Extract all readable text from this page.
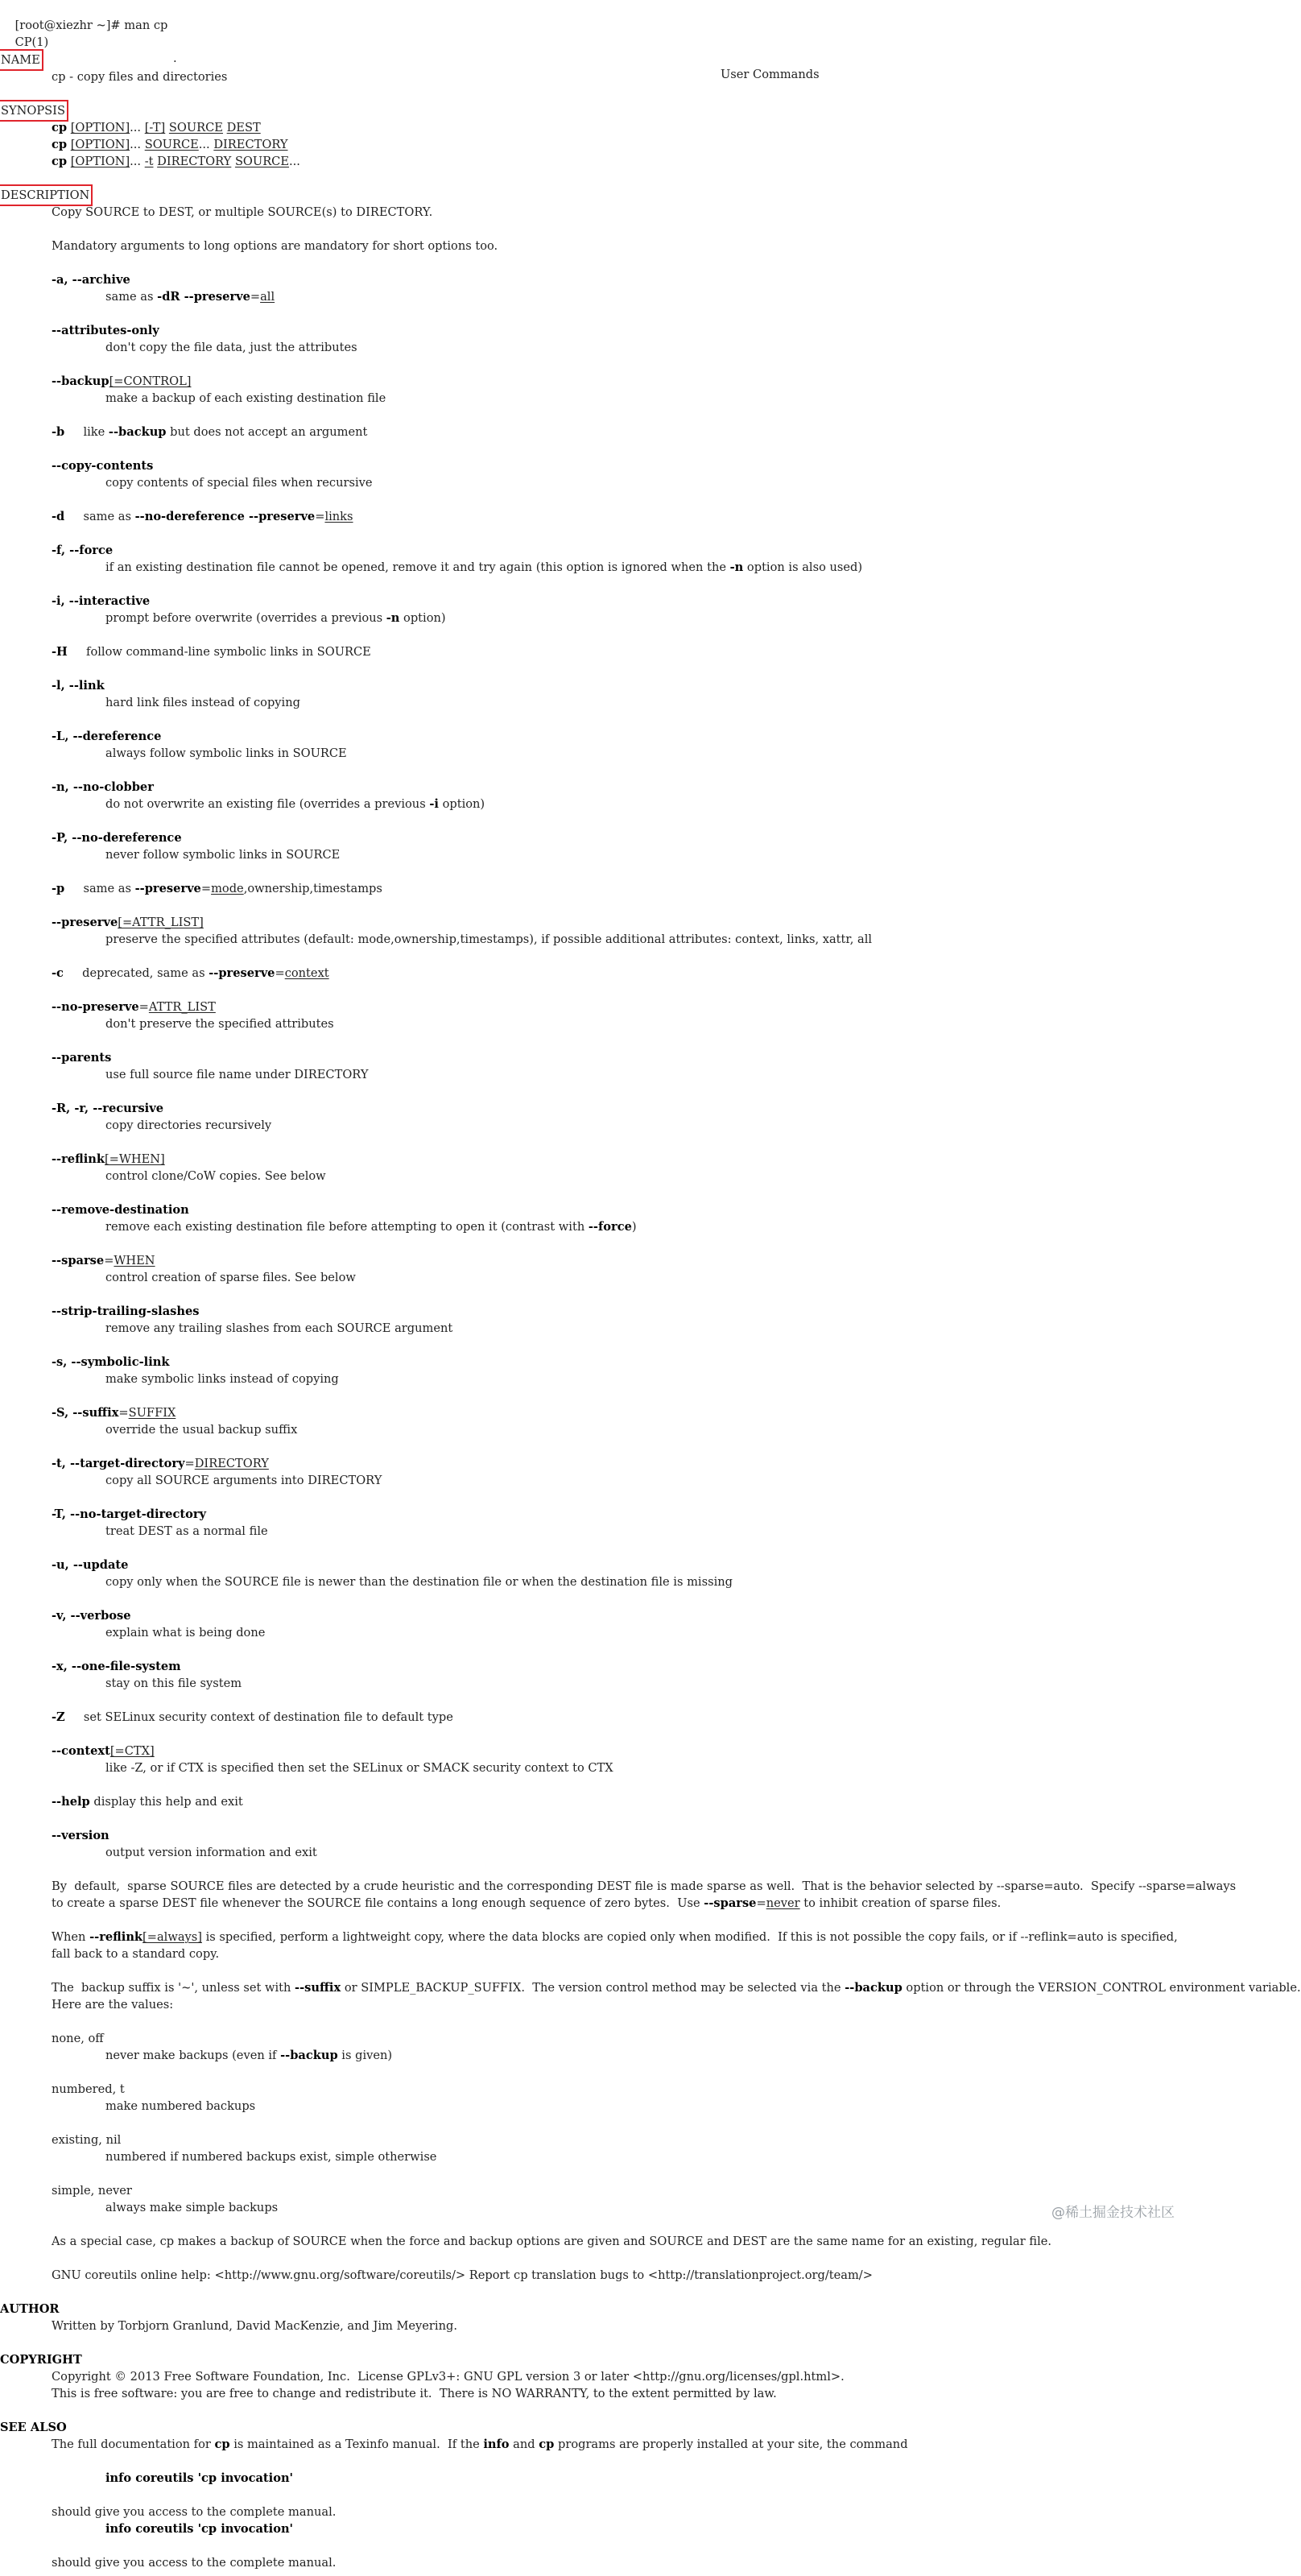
[root@xiezhr ~]# man cp

CP(1)

.

User Commands

NAME
cp - copy files and directories
SYNOPSIS
cp [OPTION]... [-T] SOURCE DEST
cp [OPTION]... SOURCE... DIRECTORY
cp [OPTION]... -t DIRECTORY SOURCE...
DESCRIPTION
Copy SOURCE to DEST, or multiple SOURCE(s) to DIRECTORY.
Mandatory arguments to long options are mandatory for short options too.
-a, --archive
same as -dR --preserve=all
--attributes-only
don't copy the file data, just the attributes
--backup[=CONTROL]
make a backup of each existing destination file
-b     like --backup but does not accept an argument
--copy-contents
copy contents of special files when recursive
-d     same as --no-dereference --preserve=links
-f, --force
if an existing destination file cannot be opened, remove it and try again (this option is ignored when the -n option is also used)
-i, --interactive
prompt before overwrite (overrides a previous -n option)
-H     follow command-line symbolic links in SOURCE
-l, --link
hard link files instead of copying
-L, --dereference
always follow symbolic links in SOURCE
-n, --no-clobber
do not overwrite an existing file (overrides a previous -i option)
-P, --no-dereference
never follow symbolic links in SOURCE
-p     same as --preserve=mode,ownership,timestamps
--preserve[=ATTR_LIST]
preserve the specified attributes (default: mode,ownership,timestamps), if possible additional attributes: context, links, xattr, all
-c     deprecated, same as --preserve=context
--no-preserve=ATTR_LIST
don't preserve the specified attributes
--parents
use full source file name under DIRECTORY
-R, -r, --recursive
copy directories recursively
--reflink[=WHEN]
control clone/CoW copies. See below
--remove-destination
remove each existing destination file before attempting to open it (contrast with --force)
--sparse=WHEN
control creation of sparse files. See below
--strip-trailing-slashes
remove any trailing slashes from each SOURCE argument
-s, --symbolic-link
make symbolic links instead of copying
-S, --suffix=SUFFIX
override the usual backup suffix
-t, --target-directory=DIRECTORY
copy all SOURCE arguments into DIRECTORY
-T, --no-target-directory
treat DEST as a normal file
-u, --update
copy only when the SOURCE file is newer than the destination file or when the destination file is missing
-v, --verbose
explain what is being done
-x, --one-file-system
stay on this file system
-Z     set SELinux security context of destination file to default type
--context[=CTX]
like -Z, or if CTX is specified then set the SELinux or SMACK security context to CTX
--help display this help and exit
--version
output version information and exit
By  default,  sparse SOURCE files are detected by a crude heuristic and the corresponding DEST file is made sparse as well.  That is the behavior selected by --sparse=auto.  Specify --sparse=always
to create a sparse DEST file whenever the SOURCE file contains a long enough sequence of zero bytes.  Use --sparse=never to inhibit creation of sparse files.
When --reflink[=always] is specified, perform a lightweight copy, where the data blocks are copied only when modified.  If this is not possible the copy fails, or if --reflink=auto is specified,
fall back to a standard copy.
The  backup suffix is '~', unless set with --suffix or SIMPLE_BACKUP_SUFFIX.  The version control method may be selected via the --backup option or through the VERSION_CONTROL environment variable.
Here are the values:
none, off
never make backups (even if --backup is given)
numbered, t
make numbered backups
existing, nil
numbered if numbered backups exist, simple otherwise
simple, never
always make simple backups
As a special case, cp makes a backup of SOURCE when the force and backup options are given and SOURCE and DEST are the same name for an existing, regular file.
GNU coreutils online help: <http://www.gnu.org/software/coreutils/> Report cp translation bugs to <http://translationproject.org/team/>
AUTHOR
Written by Torbjorn Granlund, David MacKenzie, and Jim Meyering.
COPYRIGHT
Copyright © 2013 Free Software Foundation, Inc.  License GPLv3+: GNU GPL version 3 or later <http://gnu.org/licenses/gpl.html>.
This is free software: you are free to change and redistribute it.  There is NO WARRANTY, to the extent permitted by law.
SEE ALSO
The full documentation for cp is maintained as a Texinfo manual.  If the info and cp programs are properly installed at your site, the command
info coreutils 'cp invocation'
should give you access to the complete manual.
info coreutils 'cp invocation'
should give you access to the complete manual.
@稀土掘金技术社区
